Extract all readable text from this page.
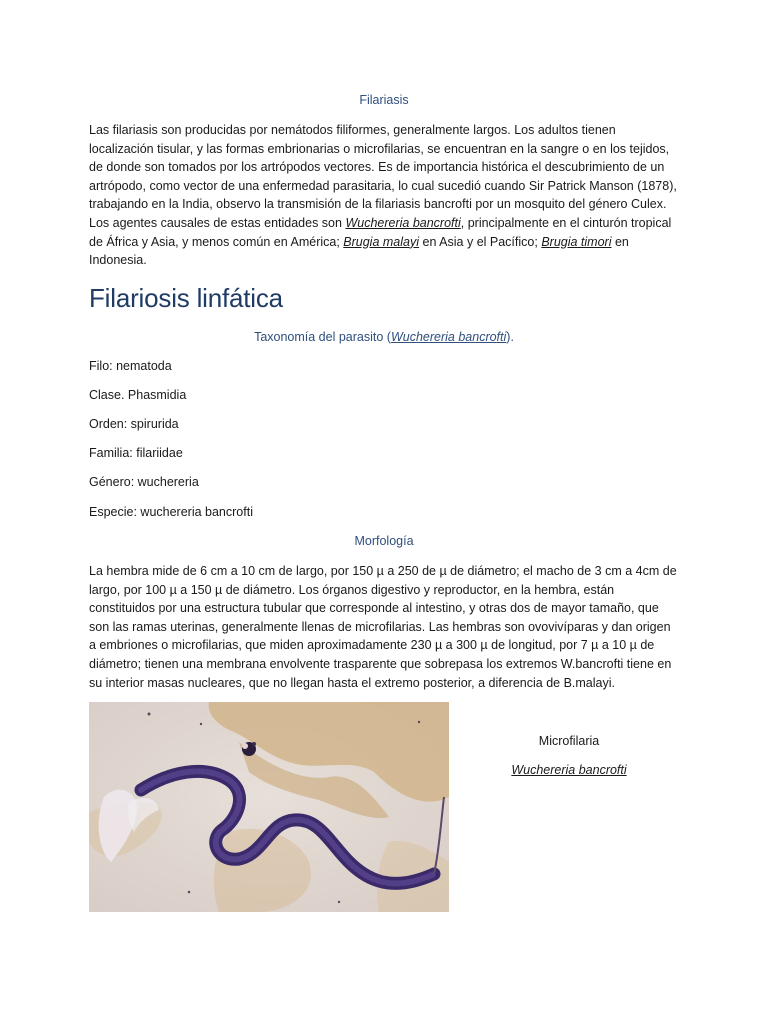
Filariasis

Las filariasis son producidas por nemátodos filiformes, generalmente largos. Los adultos tienen localización tisular, y las formas embrionarias o microfilarias, se encuentran en la sangre o en los tejidos, de donde son tomados por los artrópodos vectores. Es de importancia histórica el descubrimiento de un artrópodo, como vector de una enfermedad parasitaria, lo cual sucedió cuando Sir Patrick Manson (1878), trabajando en la India, observo la transmisión de la filariasis bancrofti por un mosquito del género Culex. Los agentes causales de estas entidades son Wuchereria bancrofti, principalmente en el cinturón tropical de África y Asia, y menos común en América; Brugia malayi en Asia y el Pacífico; Brugia timori en Indonesia.

Filariosis linfática

Taxonomía del parasito (Wuchereria bancrofti).

Filo: nematoda

Clase. Phasmidia

Orden: spirurida

Familia: filariidae

Género: wuchereria

Especie: wuchereria bancrofti

Morfología

La hembra mide de 6 cm a 10 cm de largo, por 150 µ a 250 de µ de diámetro; el macho de 3 cm a 4cm de largo, por 100 µ a 150 µ de diámetro. Los órganos digestivo y reproductor, en la hembra, están constituidos por una estructura tubular que corresponde al intestino, y otras dos de mayor tamaño, que son las ramas uterinas, generalmente llenas de microfilarias. Las hembras son ovovivíparas y dan origen a embriones o microfilarias, que miden aproximadamente 230 µ a 300 µ de longitud, por 7 µ a 10 µ de diámetro; tienen una membrana envolvente trasparente que sobrepasa los extremos W.bancrofti tiene en su interior masas nucleares, que no llegan hasta el extremo posterior, a diferencia de B.malayi.

Microfilaria

Wuchereria bancrofti
